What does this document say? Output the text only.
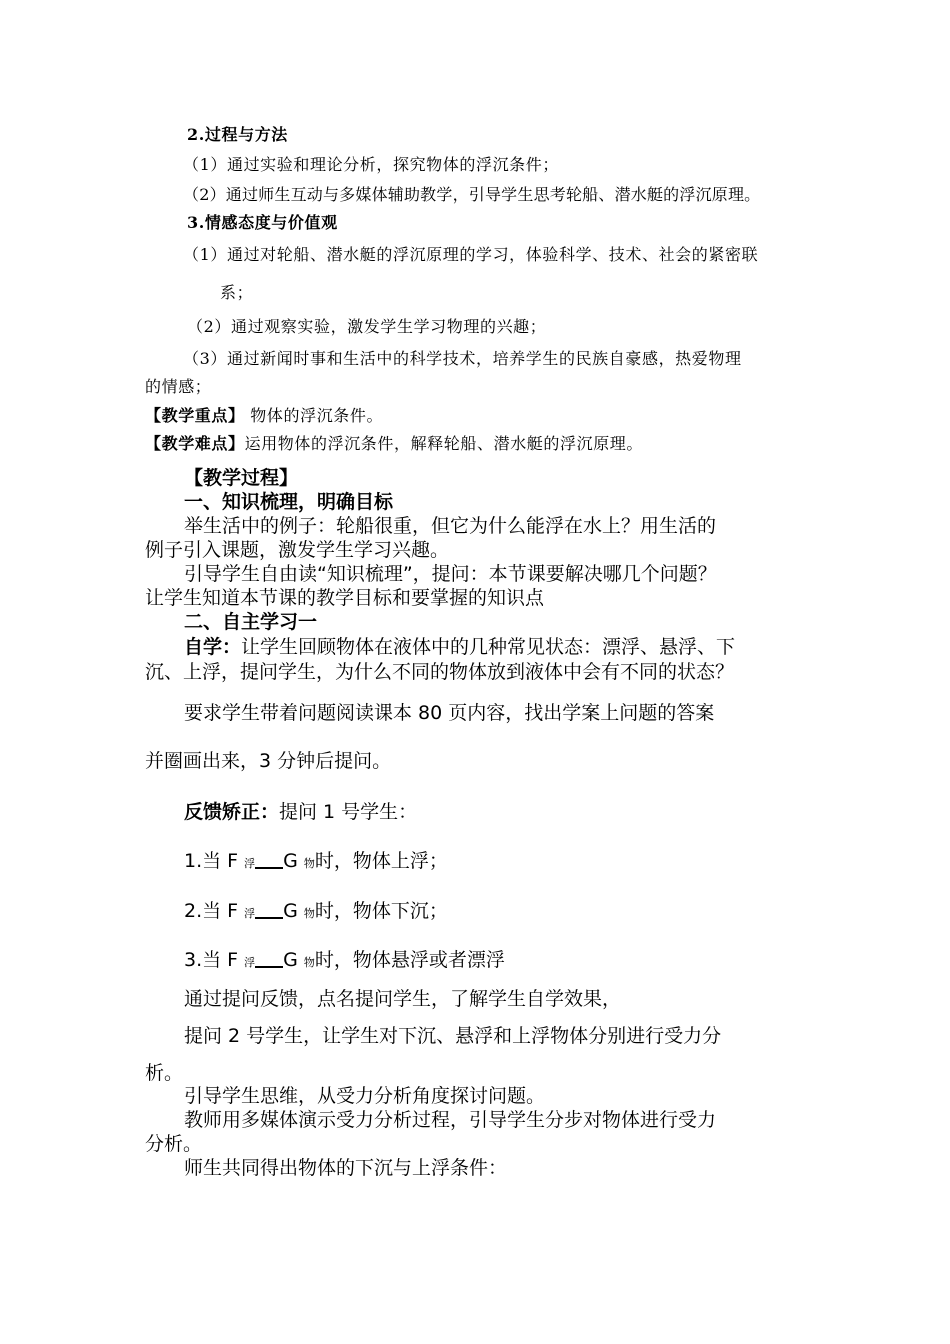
2.过程与方法

（1）通过实验和理论分析，探究物体的浮沉条件；

（2）通过师生互动与多媒体辅助教学，引导学生思考轮船、潜水艇的浮沉原理。

3.情感态度与价值观

（1）通过对轮船、潜水艇的浮沉原理的学习，体验科学、技术、社会的紧密联

系；

（2）通过观察实验，激发学生学习物理的兴趣；

（3）通过新闻时事和生活中的科学技术，培养学生的民族自豪感，热爱物理

的情感；

【教学重点】 物体的浮沉条件。

【教学难点】运用物体的浮沉条件，解释轮船、潜水艇的浮沉原理。

【教学过程】

一、知识梳理，明确目标

举生活中的例子：轮船很重，但它为什么能浮在水上？用生活的

例子引入课题，激发学生学习兴趣。

引导学生自由读“知识梳理”，提问：本节课要解决哪几个问题？

让学生知道本节课的教学目标和要掌握的知识点

二、自主学习一

自学：让学生回顾物体在液体中的几种常见状态：漂浮、悬浮、下

沉、上浮，提问学生，为什么不同的物体放到液体中会有不同的状态？

要求学生带着问题阅读课本 80 页内容，找出学案上问题的答案

并圈画出来，3 分钟后提问。

反馈矫正：提问 1 号学生：

1.当 F 浮 G 物时，物体上浮；

2.当 F 浮 G 物时，物体下沉；

3.当 F 浮 G 物时，物体悬浮或者漂浮

通过提问反馈，点名提问学生，了解学生自学效果，

提问 2 号学生，让学生对下沉、悬浮和上浮物体分别进行受力分

析。

引导学生思维，从受力分析角度探讨问题。

教师用多媒体演示受力分析过程，引导学生分步对物体进行受力

分析。

师生共同得出物体的下沉与上浮条件：
